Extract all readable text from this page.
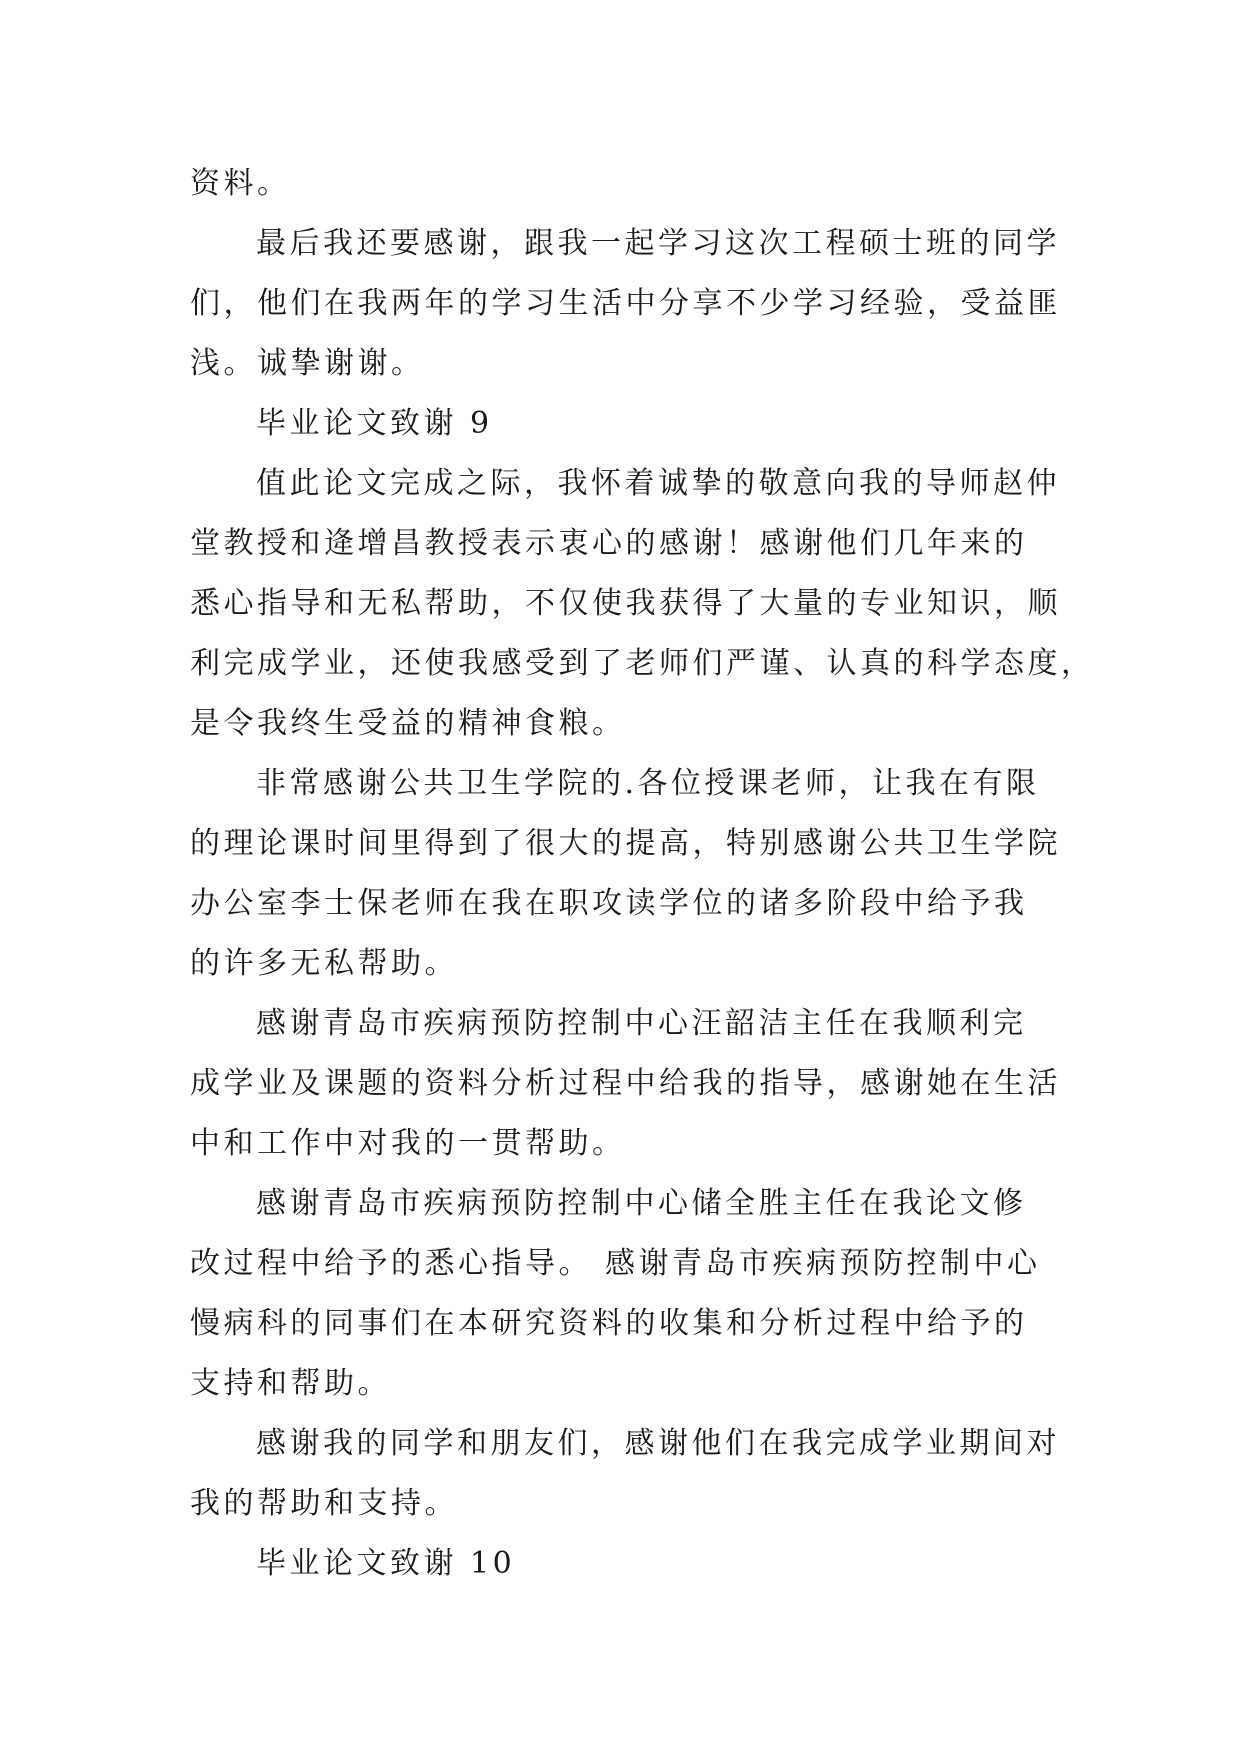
资料。

最后我还要感谢，跟我一起学习这次工程硕士班的同学

们，他们在我两年的学习生活中分享不少学习经验，受益匪

浅。诚挚谢谢。

毕业论文致谢 9

值此论文完成之际，我怀着诚挚的敬意向我的导师赵仲

堂教授和逄增昌教授表示衷心的感谢！感谢他们几年来的

悉心指导和无私帮助，不仅使我获得了大量的专业知识，顺

利完成学业，还使我感受到了老师们严谨、认真的科学态度，

是令我终生受益的精神食粮。

非常感谢公共卫生学院的.各位授课老师，让我在有限

的理论课时间里得到了很大的提高，特别感谢公共卫生学院

办公室李士保老师在我在职攻读学位的诸多阶段中给予我

的许多无私帮助。

感谢青岛市疾病预防控制中心汪韶洁主任在我顺利完

成学业及课题的资料分析过程中给我的指导，感谢她在生活

中和工作中对我的一贯帮助。

感谢青岛市疾病预防控制中心储全胜主任在我论文修

改过程中给予的悉心指导。 感谢青岛市疾病预防控制中心

慢病科的同事们在本研究资料的收集和分析过程中给予的

支持和帮助。

感谢我的同学和朋友们，感谢他们在我完成学业期间对

我的帮助和支持。

毕业论文致谢 10
